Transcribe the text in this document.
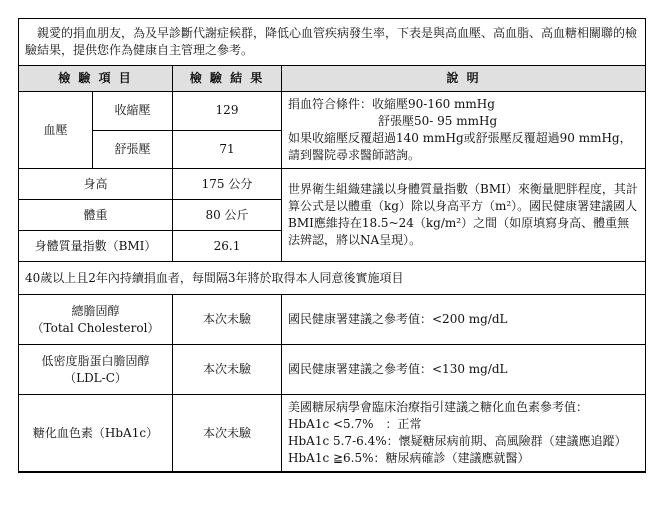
　親愛的捐血朋友，為及早診斷代謝症候群，降低心血管疾病發生率，下表是與高血壓、高血脂、高血糖相關聯的檢驗結果，提供您作為健康自主管理之參考。			
檢 驗 項 目		檢 驗 結 果	說 明
血壓	收縮壓	129	捐血符合條件：收縮壓90-160 mmHg
舒張壓50- 95 mmHg
如果收縮壓反覆超過140 mmHg或舒張壓反覆超過90 mmHg，請到醫院尋求醫師諮詢。

	舒張壓	71	
身高		175 公分	世界衛生組織建議以身體質量指數（BMI）來衡量肥胖程度，其計算公式是以體重（kg）除以身高平方（m²）。國民健康署建議國人BMI應維持在18.5~24（kg/m²）之間（如原填寫身高、體重無法辨認，將以NA呈現）。
體重		80 公斤	
身體質量指數（BMI）		26.1	
40歲以上且2年內持續捐血者，每間隔3年將於取得本人同意後實施項目			

總膽固醇
（Total Cholesterol）		本次未驗	國民健康署建議之參考值：<200 mg/dL

低密度脂蛋白膽固醇
（LDL-C）		本次未驗	國民健康署建議之參考值：<130 mg/dL
糖化血色素（HbA1c）		本次未驗	美國糖尿病學會臨床治療指引建議之糖化血色素參考值：
HbA1c <5.7%　：正常
HbA1c 5.7-6.4%：懷疑糖尿病前期、高風險群（建議應追蹤）
HbA1c ≧6.5%：糖尿病確診（建議應就醫）
